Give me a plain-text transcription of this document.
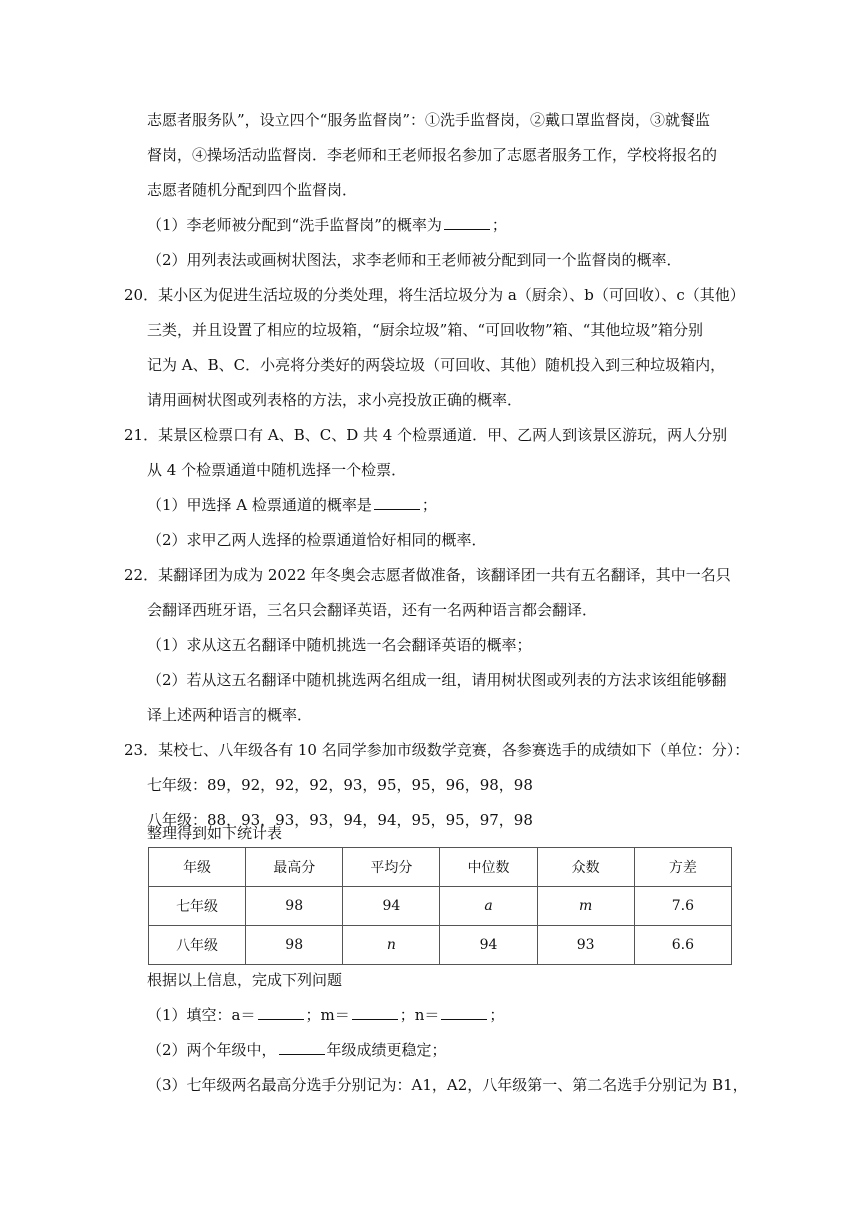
志愿者服务队”，设立四个“服务监督岗”：①洗手监督岗，②戴口罩监督岗，③就餐监
督岗，④操场活动监督岗．李老师和王老师报名参加了志愿者服务工作，学校将报名的
志愿者随机分配到四个监督岗．
（1）李老师被分配到“洗手监督岗”的概率为	；
（2）用列表法或画树状图法，求李老师和王老师被分配到同一个监督岗的概率．
20．某小区为促进生活垃圾的分类处理，将生活垃圾分为 a（厨余）、b（可回收）、c（其他）
三类，并且设置了相应的垃圾箱，“厨余垃圾”箱、“可回收物”箱、“其他垃圾”箱分别
记为 A、B、C．小亮将分类好的两袋垃圾（可回收、其他）随机投入到三种垃圾箱内，
请用画树状图或列表格的方法，求小亮投放正确的概率．
21．某景区检票口有 A、B、C、D 共 4 个检票通道．甲、乙两人到该景区游玩，两人分别
从 4 个检票通道中随机选择一个检票．
（1）甲选择 A 检票通道的概率是	；
（2）求甲乙两人选择的检票通道恰好相同的概率．
22．某翻译团为成为 2022 年冬奥会志愿者做准备，该翻译团一共有五名翻译，其中一名只
会翻译西班牙语，三名只会翻译英语，还有一名两种语言都会翻译．
（1）求从这五名翻译中随机挑选一名会翻译英语的概率；
（2）若从这五名翻译中随机挑选两名组成一组，请用树状图或列表的方法求该组能够翻
译上述两种语言的概率．
23．某校七、八年级各有 10 名同学参加市级数学竞赛，各参赛选手的成绩如下（单位：分）：
七年级：89，92，92，92，93，95，95，96，98，98
八年级：88，93，93，93，94，94，95，95，97，98
年级	最高分	平均分	中位数	众数	方差
七年级	98	94	a	m	7.6
八年级	98	n	94	93	6.6
根据以上信息，完成下列问题
（1）填空：a＝	；m＝	；n＝	；
（2）两个年级中，	年级成绩更稳定；
（3）七年级两名最高分选手分别记为：A1，A2，八年级第一、第二名选手分别记为 B1，
整理得到如下统计表
